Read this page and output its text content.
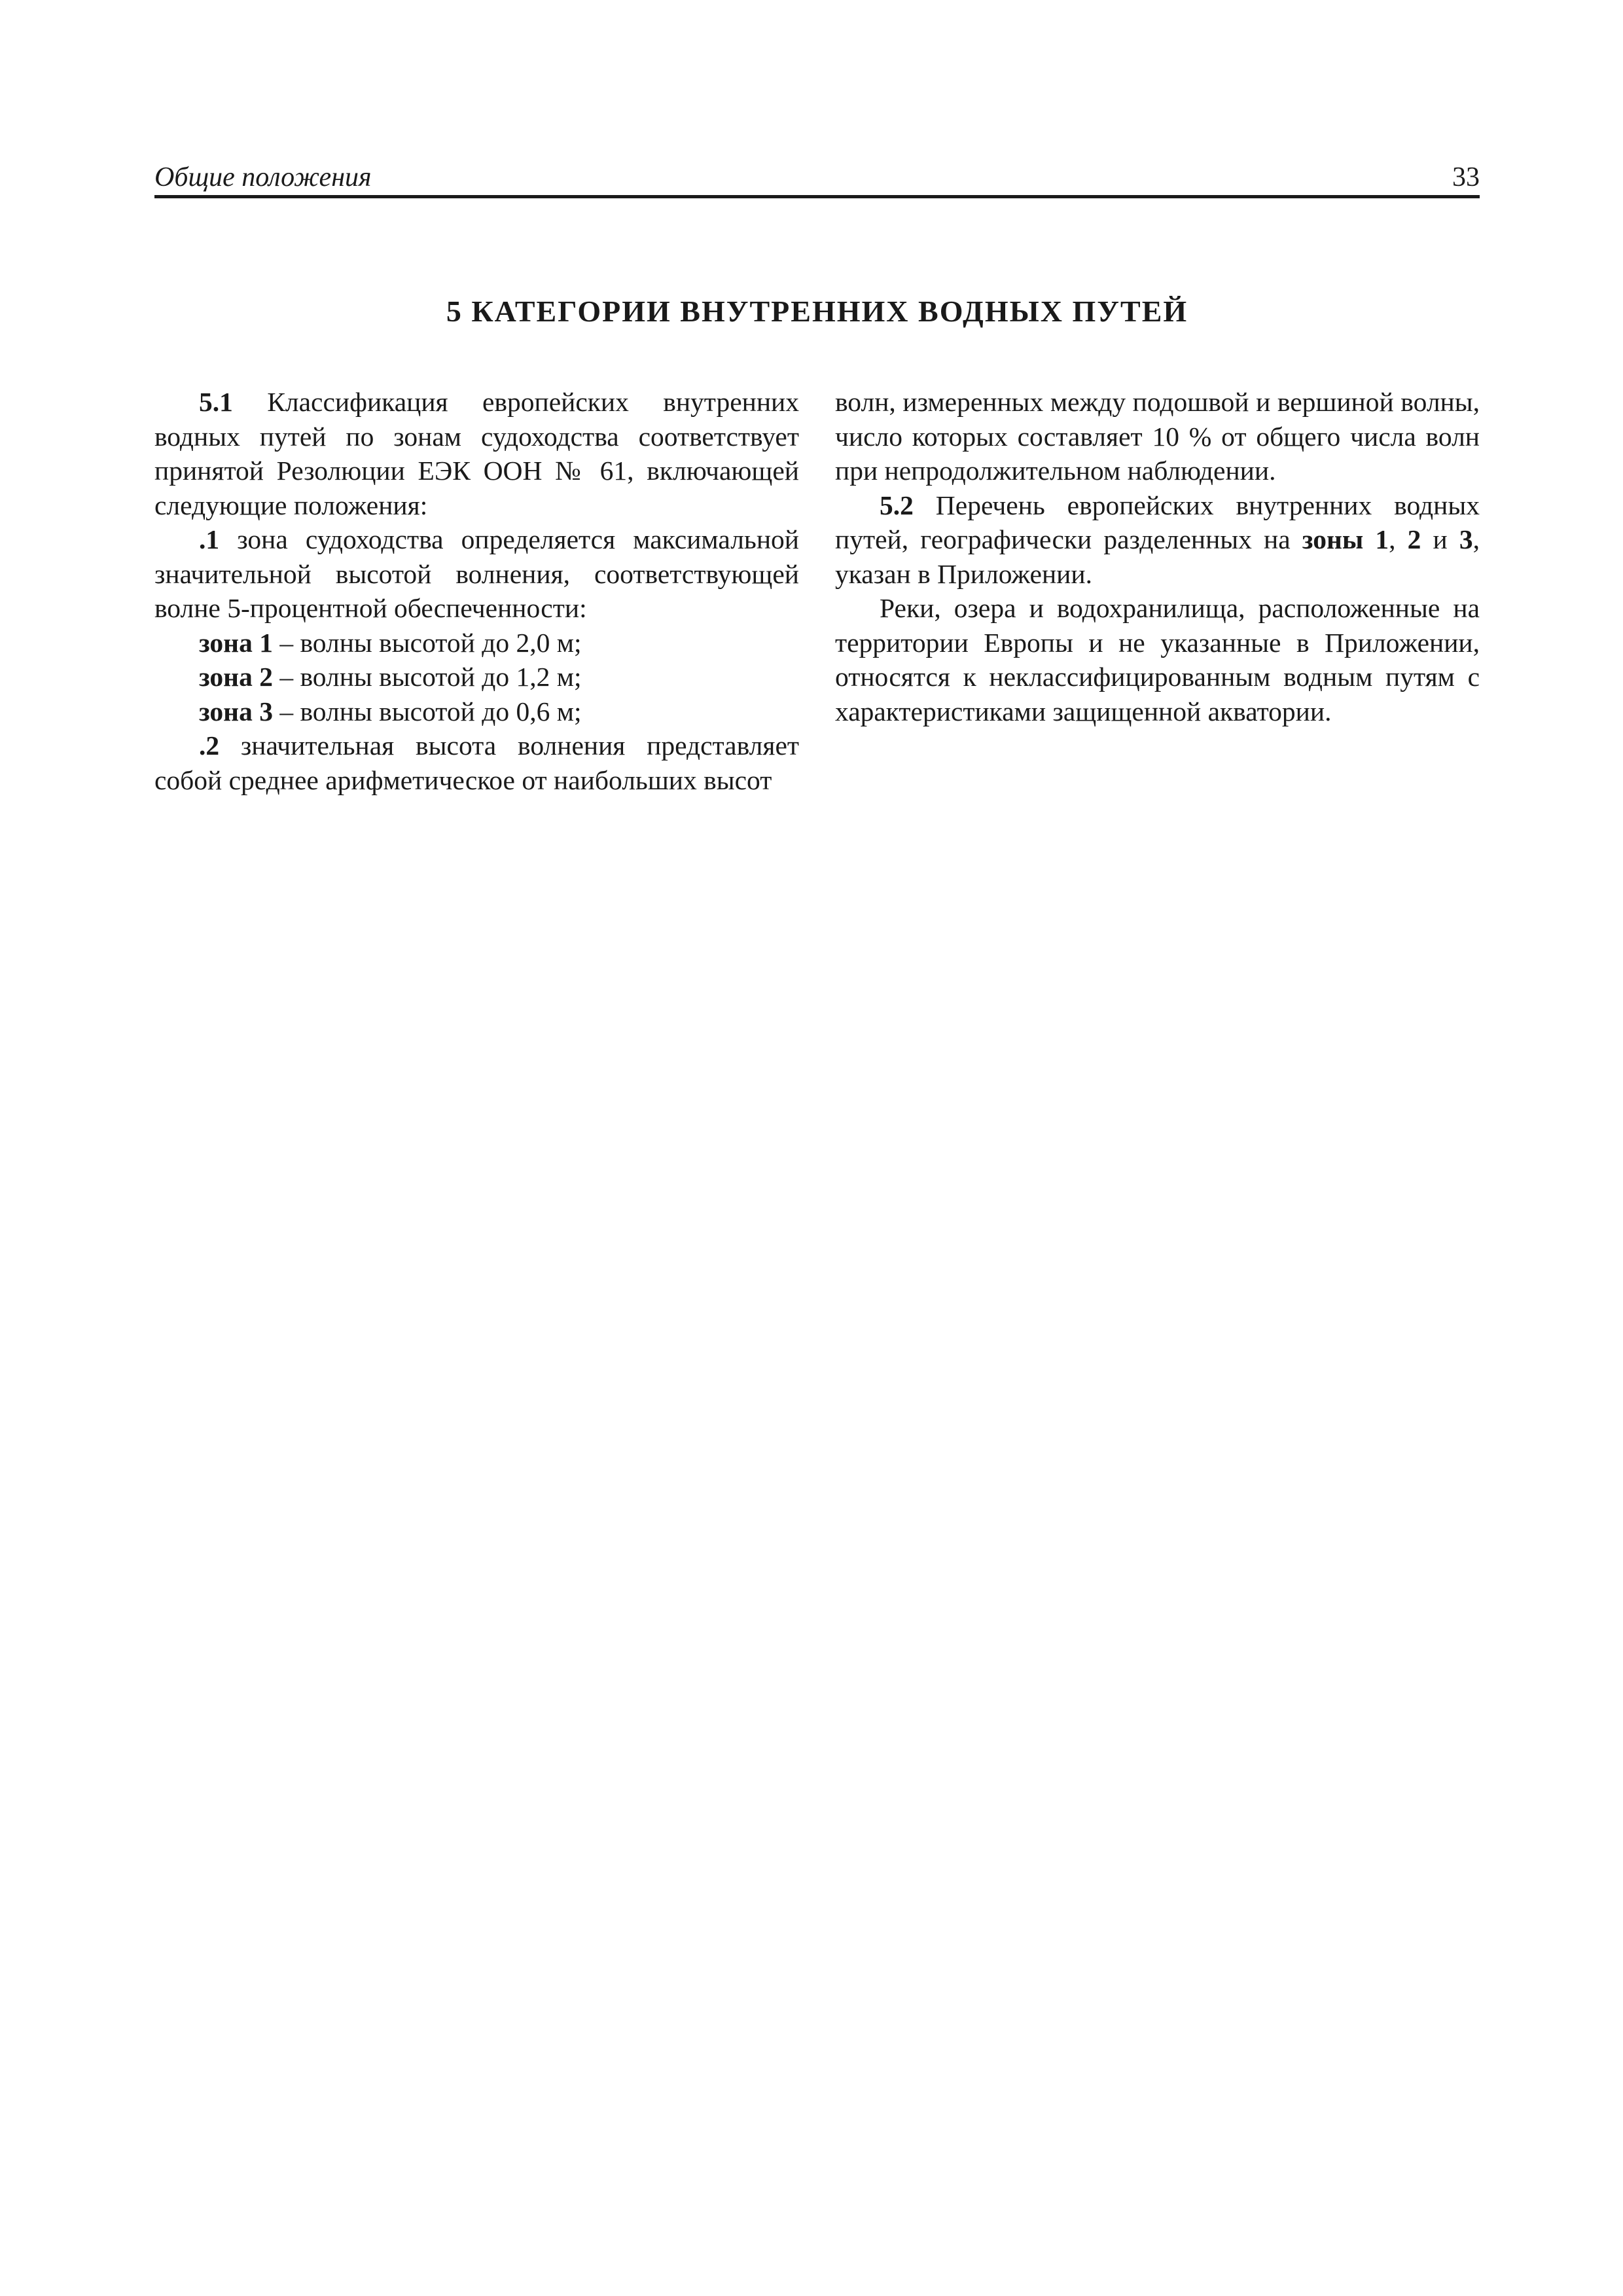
Общие положения	33
5 КАТЕГОРИИ ВНУТРЕННИХ ВОДНЫХ ПУТЕЙ

5.1 Классификация европейских внутренних водных путей по зонам судоходства соответствует принятой Резолюции ЕЭК ООН № 61, включающей следующие положения:

.1 зона судоходства определяется максимальной значительной высотой волнения, соответствующей волне 5-процентной обеспеченности:

зона 1 – волны высотой до 2,0 м;

зона 2 – волны высотой до 1,2 м;

зона 3 – волны высотой до 0,6 м;

.2 значительная высота волнения представляет собой среднее арифметическое от наибольших высот

волн, измеренных между подошвой и вершиной волны, число которых составляет 10 % от общего числа волн при непродолжительном наблюдении.

5.2 Перечень европейских внутренних водных путей, географически разделенных на зоны 1, 2 и 3, указан в Приложении.

Реки, озера и водохранилища, расположенные на территории Европы и не указанные в Приложении, относятся к неклассифицированным водным путям с характеристиками защищенной акватории.
